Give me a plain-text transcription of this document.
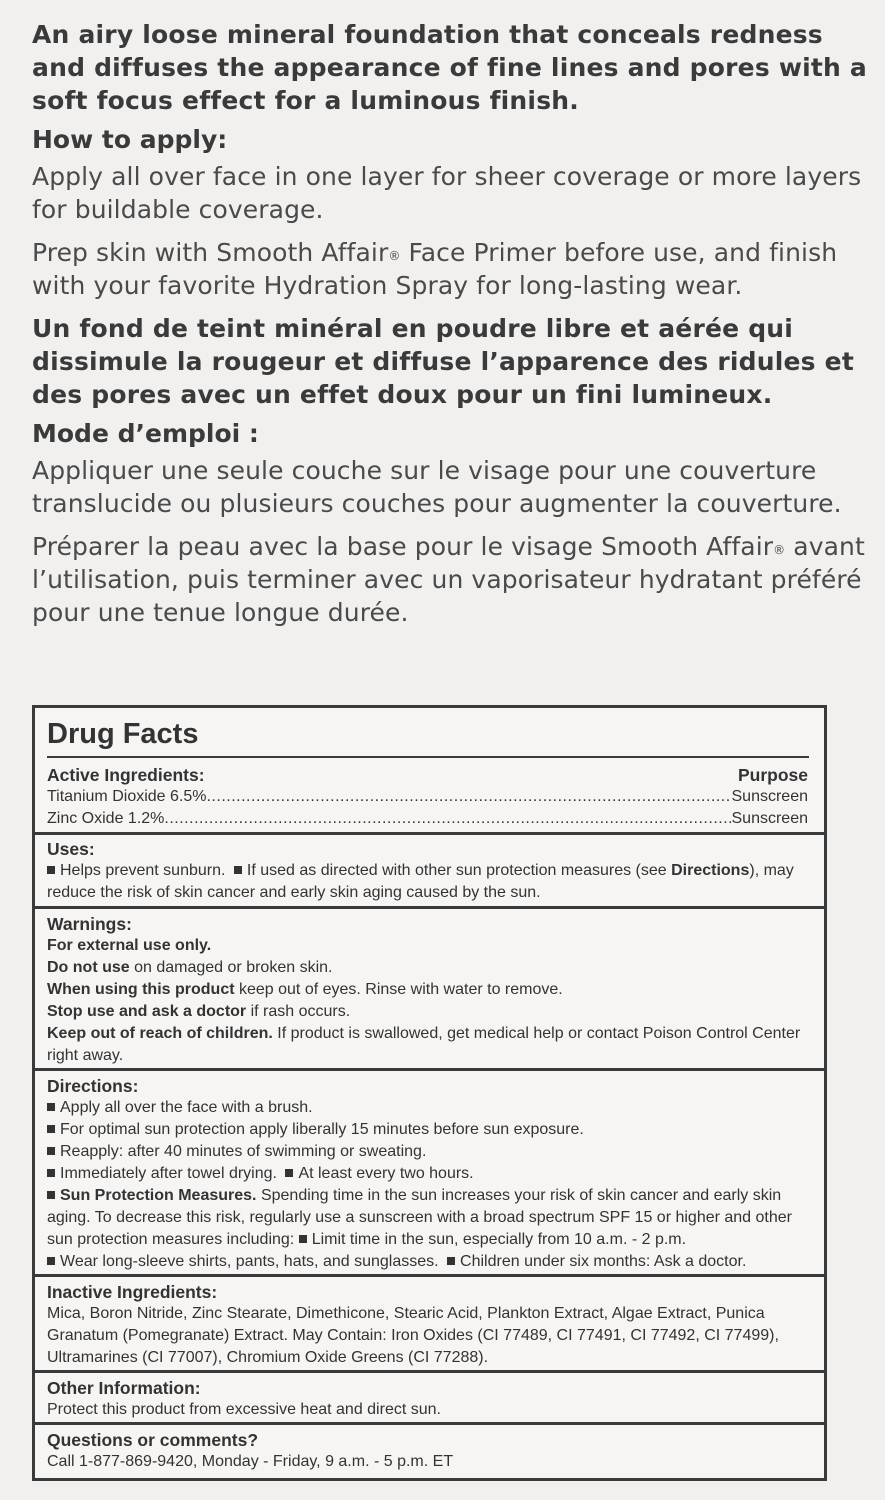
An airy loose mineral foundation that conceals redness and diffuses the appearance of fine lines and pores with a soft focus effect for a luminous finish.

How to apply:

Apply all over face in one layer for sheer coverage or more layers for buildable coverage.

Prep skin with Smooth Affair® Face Primer before use, and finish with your favorite Hydration Spray for long-lasting wear.

Un fond de teint minéral en poudre libre et aérée qui dissimule la rougeur et diffuse l’apparence des ridules et des pores avec un effet doux pour un fini lumineux.

Mode d’emploi :

Appliquer une seule couche sur le visage pour une couverture translucide ou plusieurs couches pour augmenter la couverture.

Préparer la peau avec la base pour le visage Smooth Affair® avant l’utilisation, puis terminer avec un vaporisateur hydratant préféré pour une tenue longue durée.

Drug Facts
Active Ingredients:	Purpose
Titanium Dioxide 6.5% .....	Sunscreen
Zinc Oxide 1.2% .....	Sunscreen
Uses:
Helps prevent sunburn. If used as directed with other sun protection measures (see Directions), may reduce the risk of skin cancer and early skin aging caused by the sun.
Warnings:
For external use only.
Do not use on damaged or broken skin.
When using this product keep out of eyes. Rinse with water to remove.
Stop use and ask a doctor if rash occurs.
Keep out of reach of children. If product is swallowed, get medical help or contact Poison Control Center right away.
Directions:
Apply all over the face with a brush.
For optimal sun protection apply liberally 15 minutes before sun exposure.
Reapply: after 40 minutes of swimming or sweating.
Immediately after towel drying. At least every two hours.
Sun Protection Measures. Spending time in the sun increases your risk of skin cancer and early skin aging. To decrease this risk, regularly use a sunscreen with a broad spectrum SPF 15 or higher and other sun protection measures including: Limit time in the sun, especially from 10 a.m. - 2 p.m.
Wear long-sleeve shirts, pants, hats, and sunglasses. Children under six months: Ask a doctor.
Inactive Ingredients:
Mica, Boron Nitride, Zinc Stearate, Dimethicone, Stearic Acid, Plankton Extract, Algae Extract, Punica Granatum (Pomegranate) Extract. May Contain: Iron Oxides (CI 77489, CI 77491, CI 77492, CI 77499), Ultramarines (CI 77007), Chromium Oxide Greens (CI 77288).
Other Information:
Protect this product from excessive heat and direct sun.
Questions or comments?
Call 1-877-869-9420, Monday - Friday, 9 a.m. - 5 p.m. ET
